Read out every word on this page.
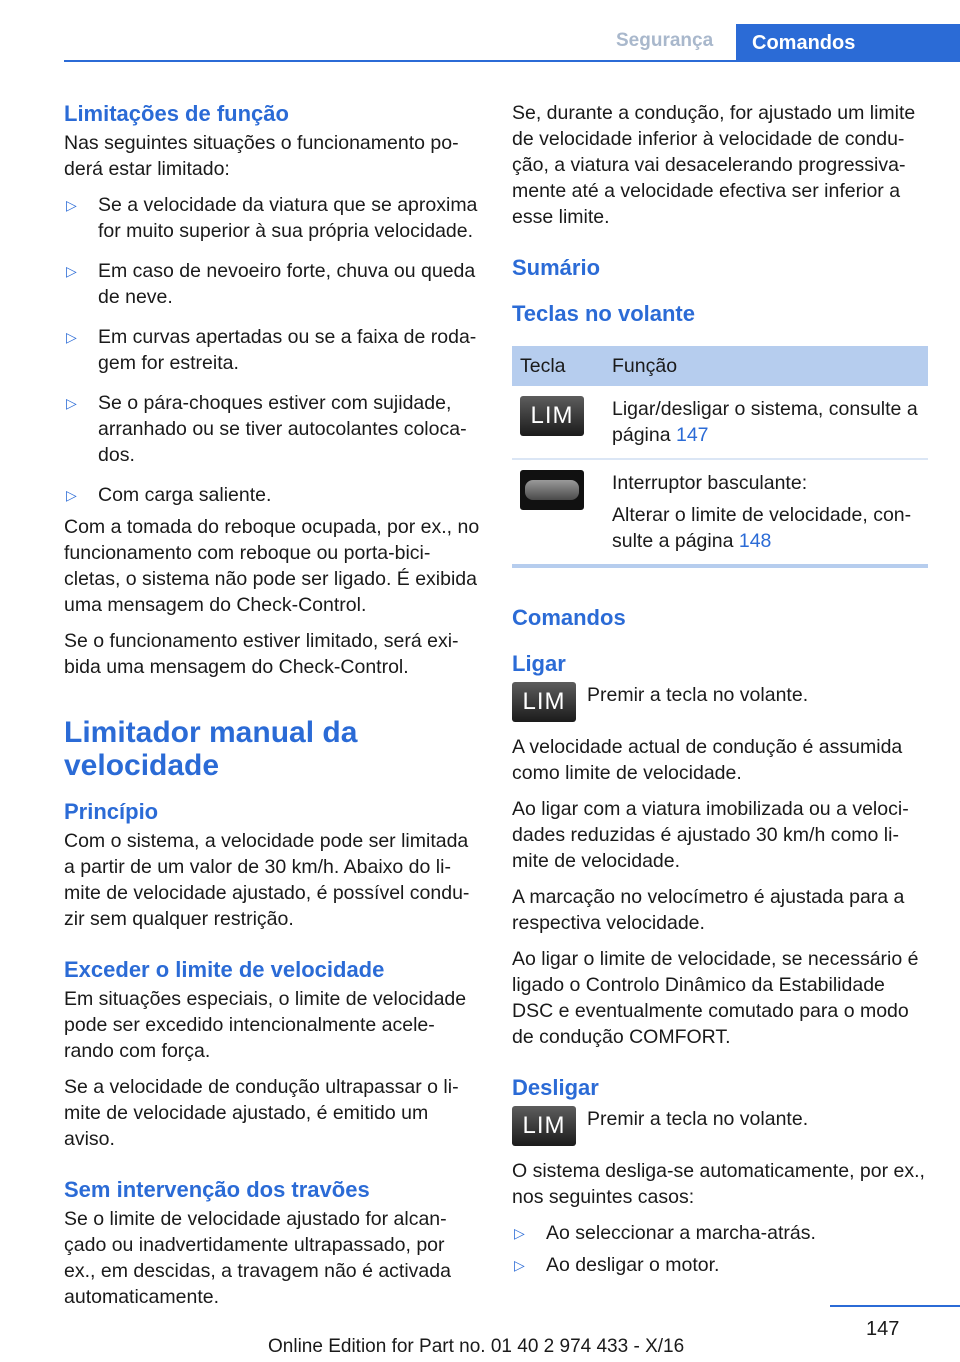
Segurança	Comandos
Limitações de função

Nas seguintes situações o funcionamento po-derá estar limitado:

▷ Se a velocidade da viatura que se aproxima for muito superior à sua própria velocidade.
▷ Em caso de nevoeiro forte, chuva ou queda de neve.
▷ Em curvas apertadas ou se a faixa de roda-gem for estreita.
▷ Se o pára-choques estiver com sujidade, arranhado ou se tiver autocolantes coloca-dos.
▷ Com carga saliente.

Com a tomada do reboque ocupada, por ex., no funcionamento com reboque ou porta-bici-cletas, o sistema não pode ser ligado. É exibida uma mensagem do Check-Control.

Se o funcionamento estiver limitado, será exi-bida uma mensagem do Check-Control.

Limitador manual da velocidade
Princípio

Com o sistema, a velocidade pode ser limitada a partir de um valor de 30 km/h. Abaixo do li-mite de velocidade ajustado, é possível condu-zir sem qualquer restrição.

Exceder o limite de velocidade

Em situações especiais, o limite de velocidade pode ser excedido intencionalmente acele-rando com força.

Se a velocidade de condução ultrapassar o li-mite de velocidade ajustado, é emitido um aviso.

Sem intervenção dos travões

Se o limite de velocidade ajustado for alcan-çado ou inadvertidamente ultrapassado, por ex., em descidas, a travagem não é activada automaticamente.

Se, durante a condução, for ajustado um limite de velocidade inferior à velocidade de condu-ção, a viatura vai desacelerando progressiva-mente até a velocidade efectiva ser inferior a esse limite.

Sumário
Teclas no volante
Tecla	Função
LIM	Ligar/desligar o sistema, consulte a página 147

	Interruptor basculante:
Alterar o limite de velocidade, con-sulte a página 148
Comandos
Ligar
LIM	Premir a tecla no volante.

A velocidade actual de condução é assumida como limite de velocidade.

Ao ligar com a viatura imobilizada ou a veloci-dades reduzidas é ajustado 30 km/h como li-mite de velocidade.

A marcação no velocímetro é ajustada para a respectiva velocidade.

Ao ligar o limite de velocidade, se necessário é ligado o Controlo Dinâmico da Estabilidade DSC e eventualmente comutado para o modo de condução COMFORT.

Desligar
LIM	Premir a tecla no volante.

O sistema desliga-se automaticamente, por ex., nos seguintes casos:

▷ Ao seleccionar a marcha-atrás.
▷ Ao desligar o motor.
147
Online Edition for Part no. 01 40 2 974 433 - X/16
